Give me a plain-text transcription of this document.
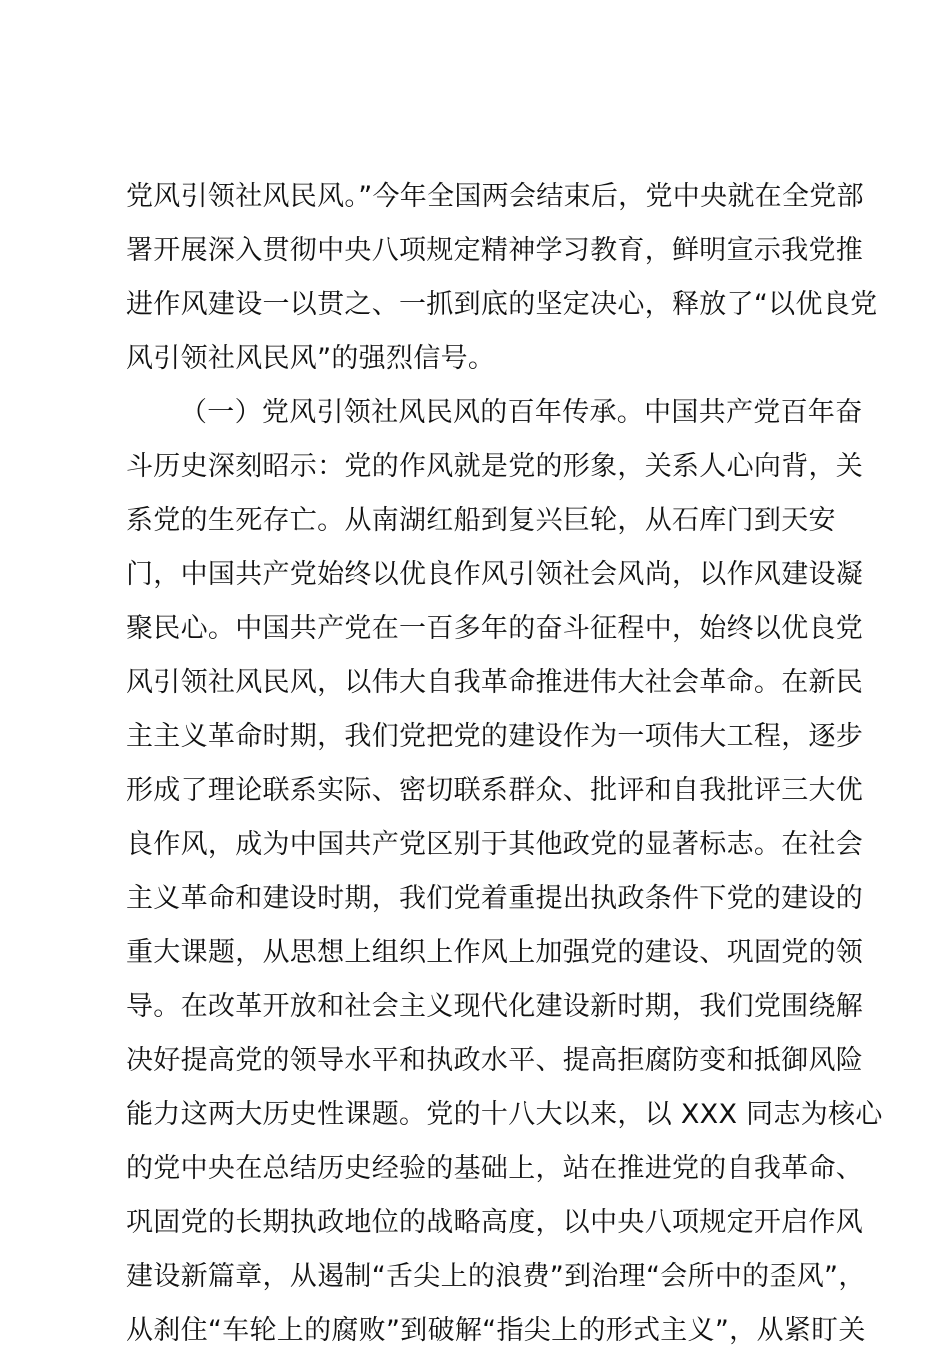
党风引领社风民风。”今年全国两会结束后，党中央就在全党部
署开展深入贯彻中央八项规定精神学习教育，鲜明宣示我党推
进作风建设一以贯之、一抓到底的坚定决心，释放了“以优良党
风引领社风民风”的强烈信号。
（一）党风引领社风民风的百年传承。中国共产党百年奋
斗历史深刻昭示：党的作风就是党的形象，关系人心向背，关
系党的生死存亡。从南湖红船到复兴巨轮，从石库门到天安
门，中国共产党始终以优良作风引领社会风尚，以作风建设凝
聚民心。中国共产党在一百多年的奋斗征程中，始终以优良党
风引领社风民风，以伟大自我革命推进伟大社会革命。在新民
主主义革命时期，我们党把党的建设作为一项伟大工程，逐步
形成了理论联系实际、密切联系群众、批评和自我批评三大优
良作风，成为中国共产党区别于其他政党的显著标志。在社会
主义革命和建设时期，我们党着重提出执政条件下党的建设的
重大课题，从思想上组织上作风上加强党的建设、巩固党的领
导。在改革开放和社会主义现代化建设新时期，我们党围绕解
决好提高党的领导水平和执政水平、提高拒腐防变和抵御风险
能力这两大历史性课题。党的十八大以来，以 XXX 同志为核心
的党中央在总结历史经验的基础上，站在推进党的自我革命、
巩固党的长期执政地位的战略高度，以中央八项规定开启作风
建设新篇章，从遏制“舌尖上的浪费”到治理“会所中的歪风”，
从刹住“车轮上的腐败”到破解“指尖上的形式主义”，从紧盯关
